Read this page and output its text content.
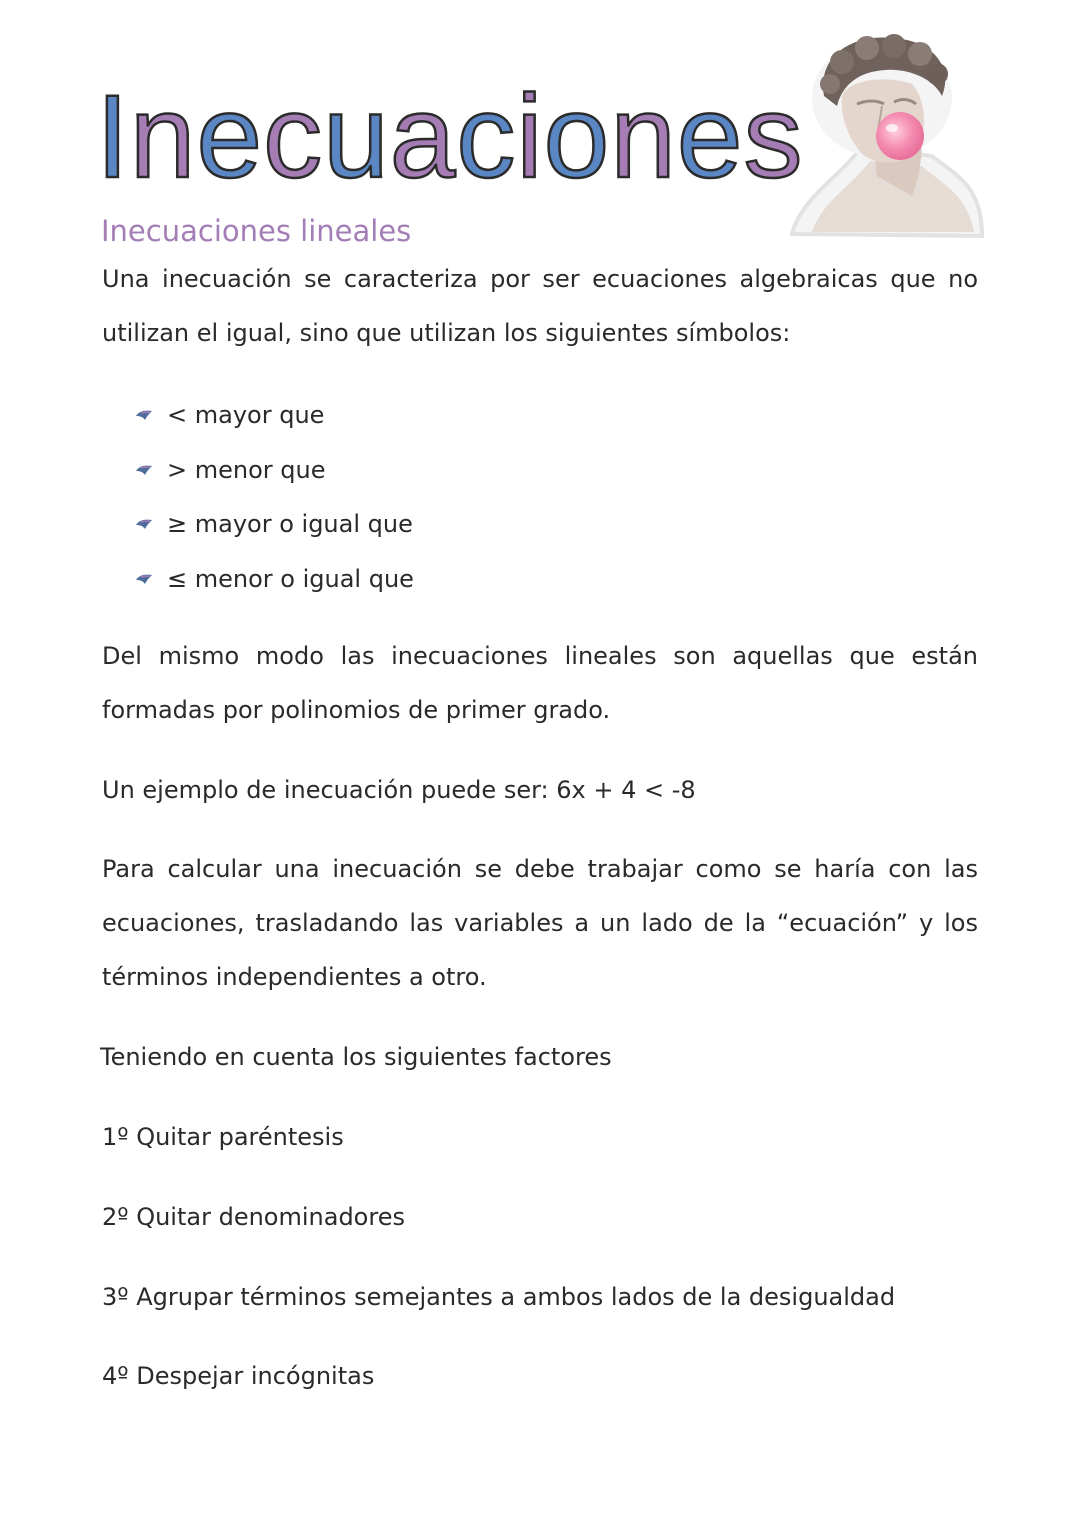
Inecuaciones
Inecuaciones lineales

Una inecuación se caracteriza por ser ecuaciones algebraicas que no utilizan el igual, sino que utilizan los siguientes símbolos:

< mayor que
> menor que
≥ mayor o igual que
≤ menor o igual que

Del mismo modo las inecuaciones lineales son aquellas que están formadas por polinomios de primer grado.

Un ejemplo de inecuación puede ser: 6x + 4 < -8

Para calcular una inecuación se debe trabajar como se haría con las ecuaciones, trasladando las variables a un lado de la “ecuación” y los términos independientes a otro.

Teniendo en cuenta los siguientes factores

1º Quitar paréntesis

2º Quitar denominadores

3º Agrupar términos semejantes a ambos lados de la desigualdad

4º Despejar incógnitas
